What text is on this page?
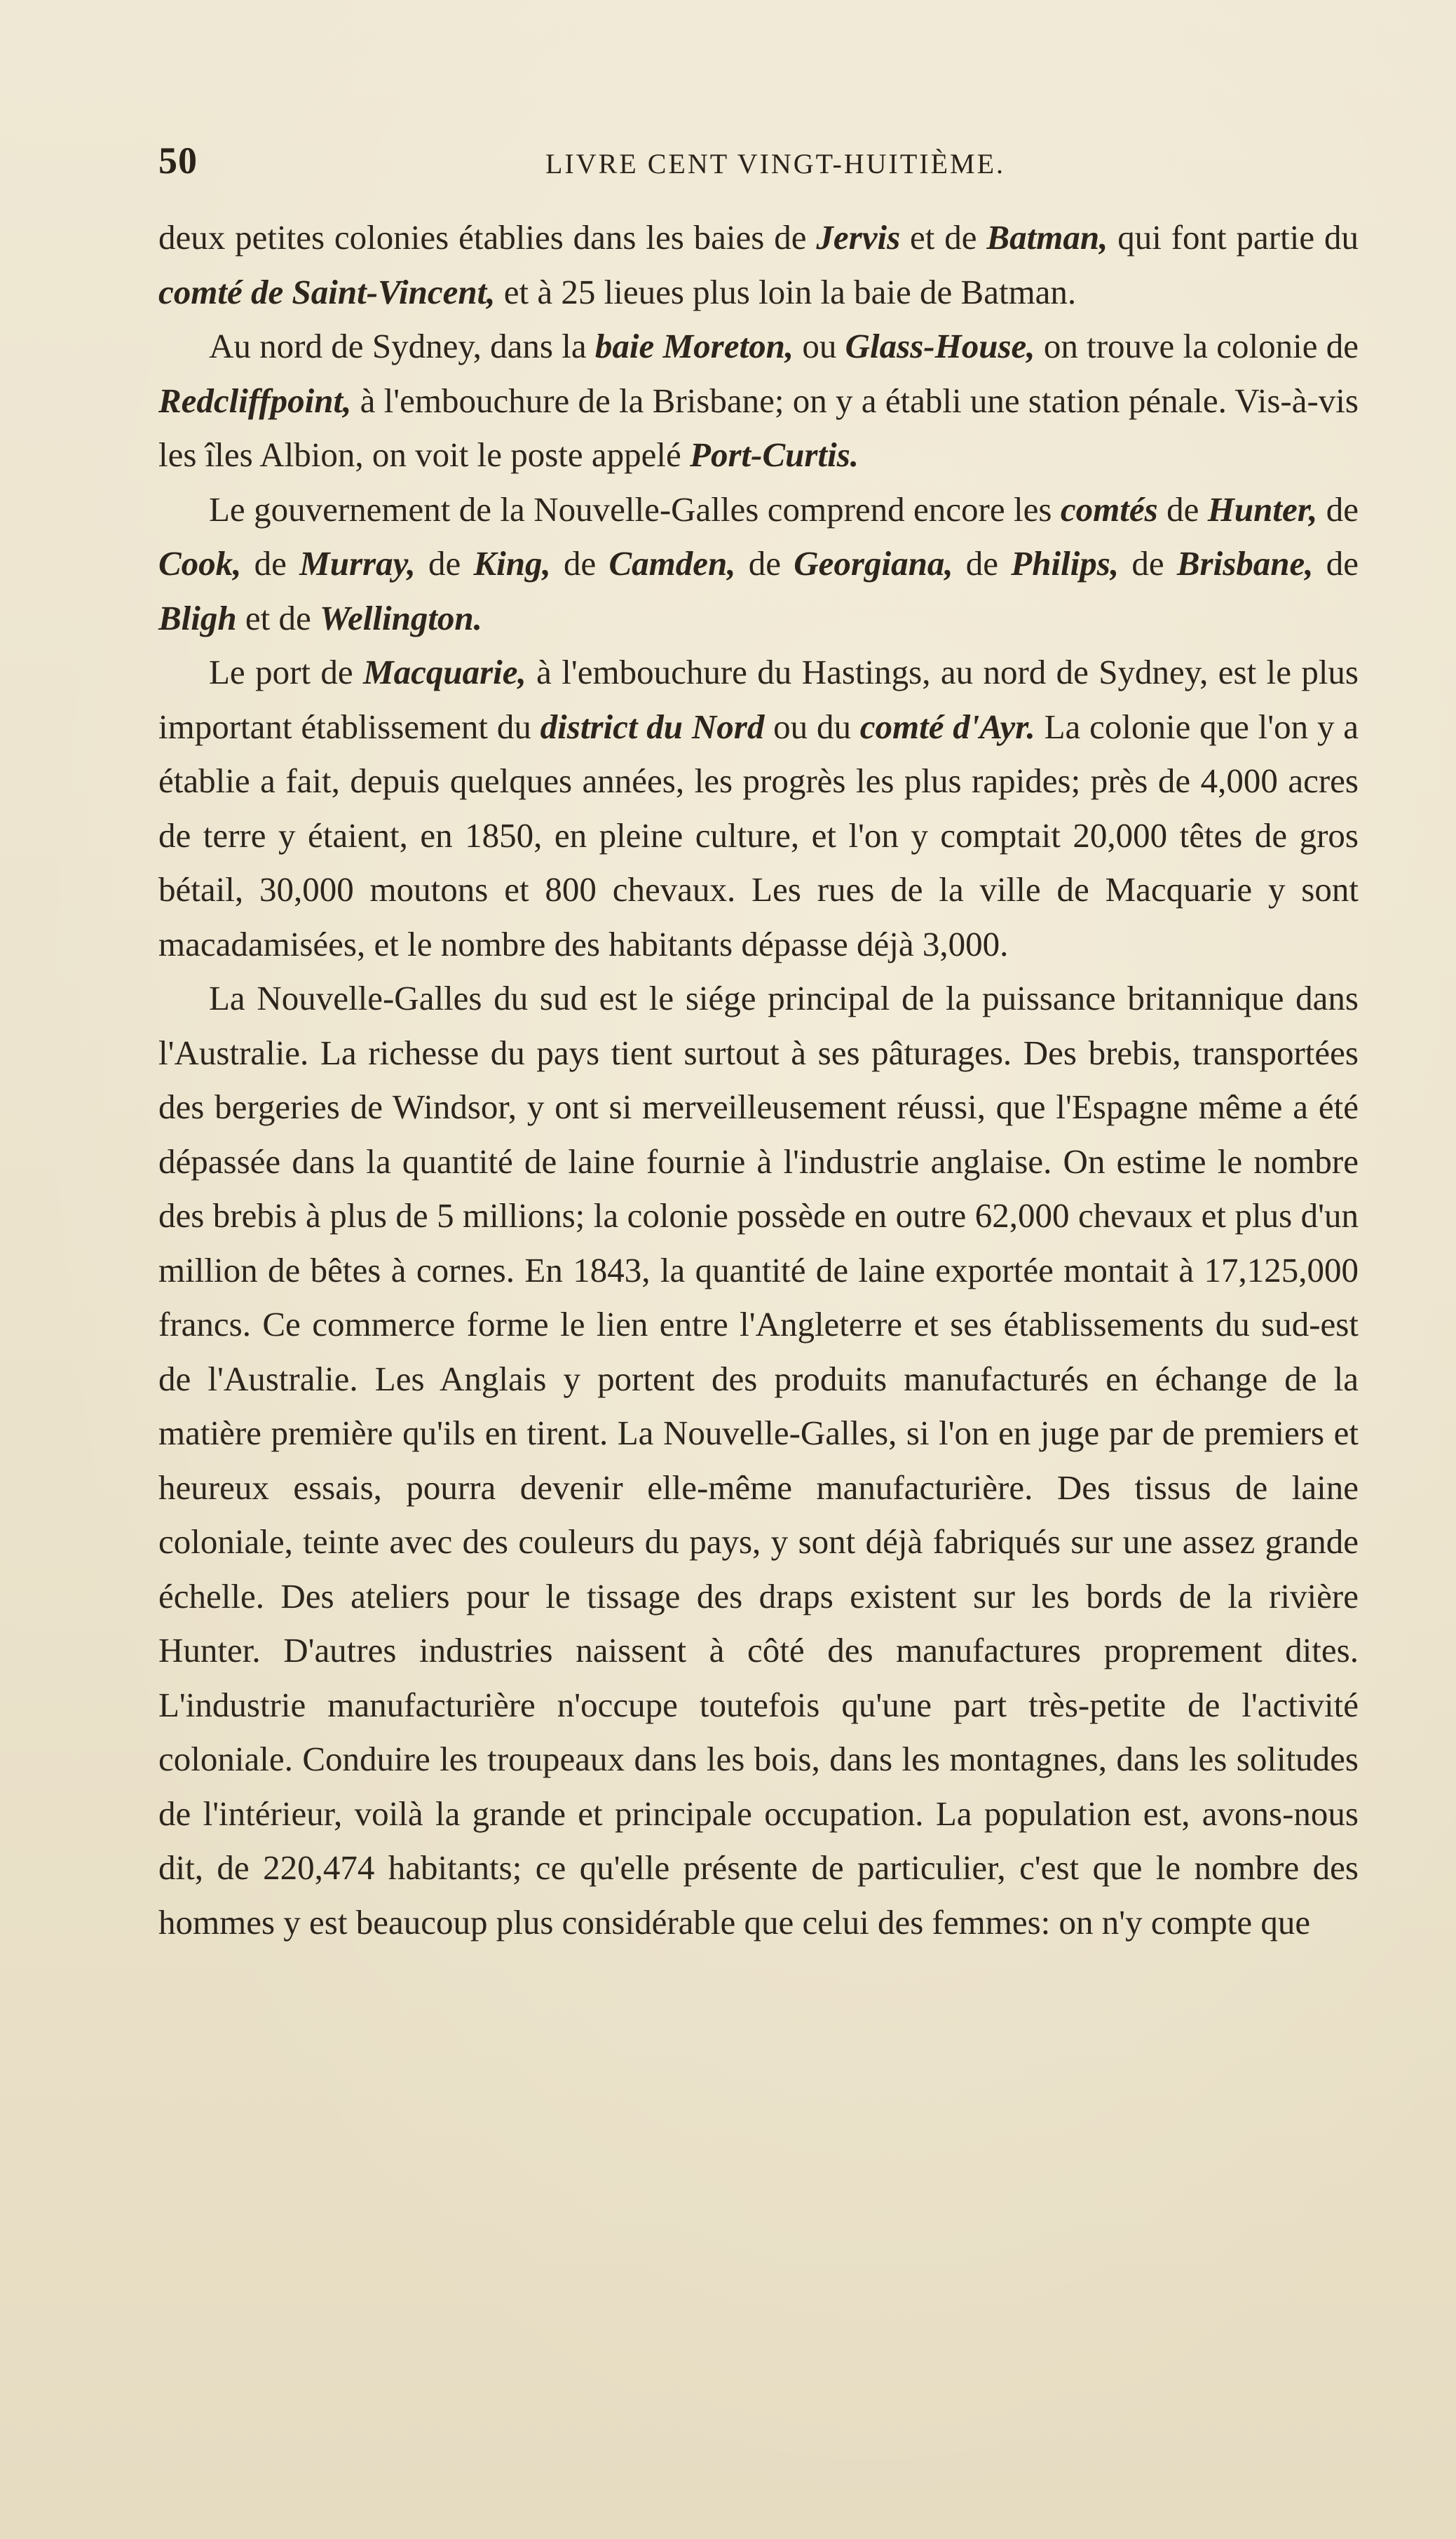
50	LIVRE CENT VINGT-HUITIÈME.

deux petites colonies établies dans les baies de Jervis et de Batman, qui font partie du comté de Saint-Vincent, et à 25 lieues plus loin la baie de Batman.

Au nord de Sydney, dans la baie Moreton, ou Glass-House, on trouve la colonie de Redcliffpoint, à l'embouchure de la Brisbane; on y a établi une station pénale. Vis-à-vis les îles Albion, on voit le poste appelé Port-Curtis.

Le gouvernement de la Nouvelle-Galles comprend encore les comtés de Hunter, de Cook, de Murray, de King, de Camden, de Georgiana, de Philips, de Brisbane, de Bligh et de Wellington.

Le port de Macquarie, à l'embouchure du Hastings, au nord de Sydney, est le plus important établissement du district du Nord ou du comté d'Ayr. La colonie que l'on y a établie a fait, depuis quelques années, les progrès les plus rapides; près de 4,000 acres de terre y étaient, en 1850, en pleine culture, et l'on y comptait 20,000 têtes de gros bétail, 30,000 moutons et 800 chevaux. Les rues de la ville de Macquarie y sont macadamisées, et le nombre des habitants dépasse déjà 3,000.

La Nouvelle-Galles du sud est le siége principal de la puissance britannique dans l'Australie. La richesse du pays tient surtout à ses pâturages. Des brebis, transportées des bergeries de Windsor, y ont si merveilleusement réussi, que l'Espagne même a été dépassée dans la quantité de laine fournie à l'industrie anglaise. On estime le nombre des brebis à plus de 5 millions; la colonie possède en outre 62,000 chevaux et plus d'un million de bêtes à cornes. En 1843, la quantité de laine exportée montait à 17,125,000 francs. Ce commerce forme le lien entre l'Angleterre et ses établissements du sud-est de l'Australie. Les Anglais y portent des produits manufacturés en échange de la matière première qu'ils en tirent. La Nouvelle-Galles, si l'on en juge par de premiers et heureux essais, pourra devenir elle-même manufacturière. Des tissus de laine coloniale, teinte avec des couleurs du pays, y sont déjà fabriqués sur une assez grande échelle. Des ateliers pour le tissage des draps existent sur les bords de la rivière Hunter. D'autres industries naissent à côté des manufactures proprement dites. L'industrie manufacturière n'occupe toutefois qu'une part très-petite de l'activité coloniale. Conduire les troupeaux dans les bois, dans les montagnes, dans les solitudes de l'intérieur, voilà la grande et principale occupation. La population est, avons-nous dit, de 220,474 habitants; ce qu'elle présente de particulier, c'est que le nombre des hommes y est beaucoup plus considérable que celui des femmes: on n'y compte que
